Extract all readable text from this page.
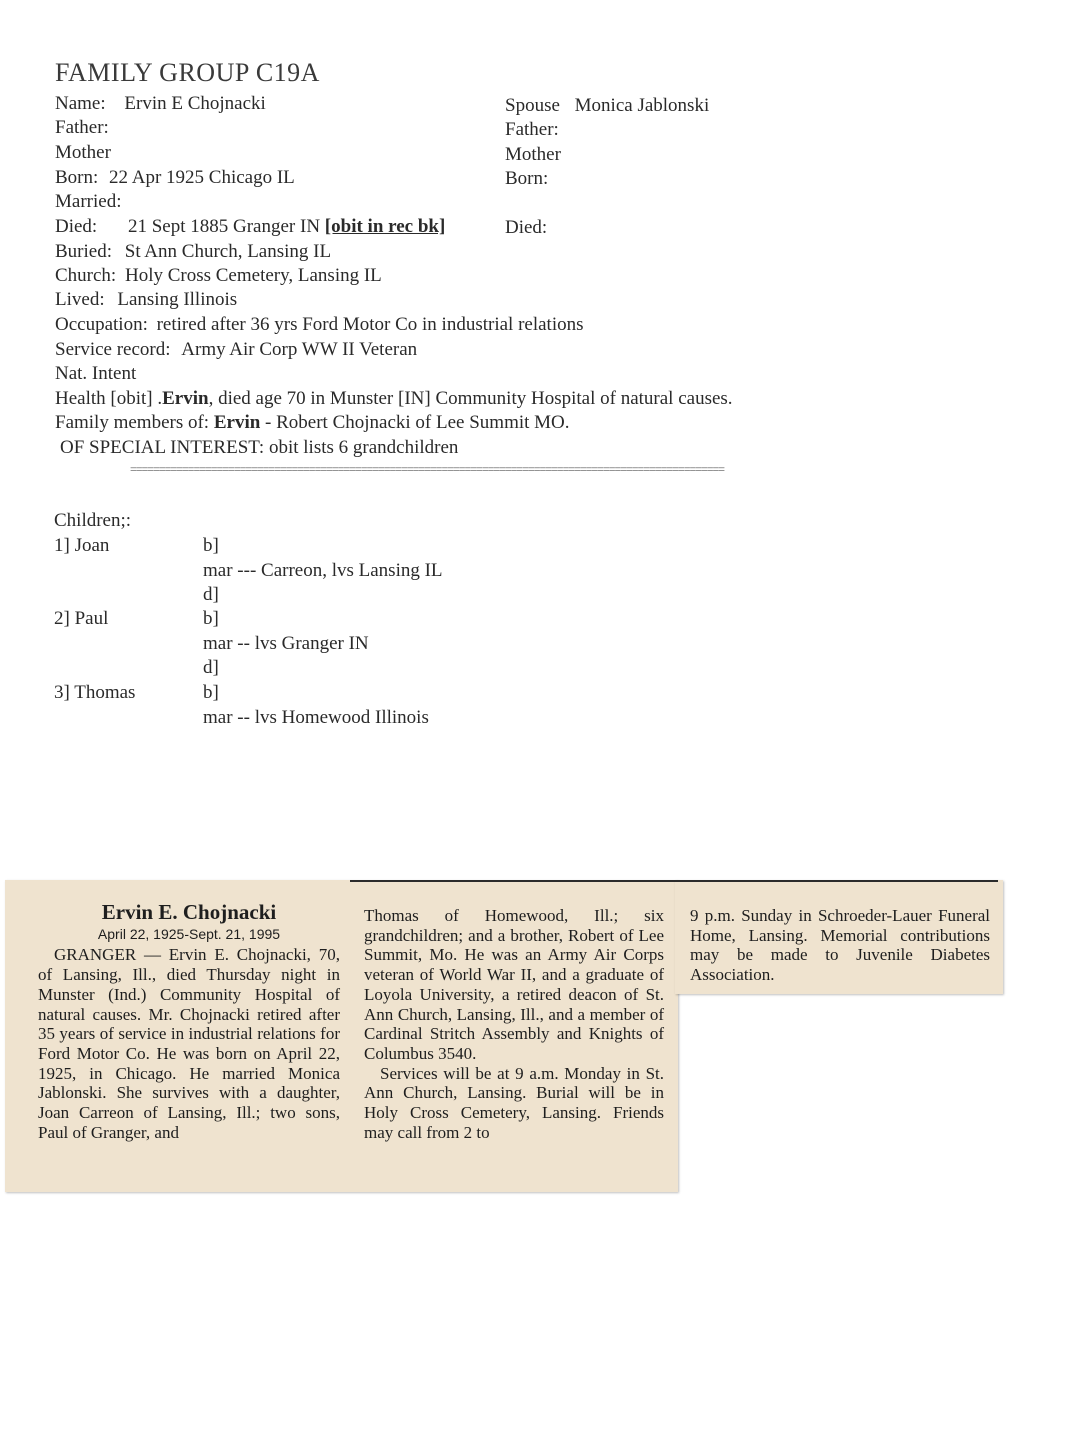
FAMILY GROUP C19A
Name: Ervin E Chojnacki
Father:
Mother
Born: 22 Apr 1925 Chicago IL
Married:
Died: 21 Sept 1885 Granger IN [obit in rec bk]
Buried: St Ann Church, Lansing IL
Church: Holy Cross Cemetery, Lansing IL
Lived: Lansing Illinois
Occupation: retired after 36 yrs Ford Motor Co in industrial relations
Service record: Army Air Corp WW II Veteran
Nat. Intent
Health [obit] .Ervin, died age 70 in Munster [IN] Community Hospital of natural causes.
Family members of: Ervin - Robert Chojnacki of Lee Summit MO.
OF SPECIAL INTEREST: obit lists 6 grandchildren
Spouse Monica Jablonski
Father:
Mother
Born:
Died:
=======================================================================================================
Children;:
1] Joan	b]
mar --- Carreon, lvs Lansing IL
d]
2] Paul	b]
mar -- lvs Granger IN
d]
3] Thomas	b]
mar -- lvs Homewood Illinois
Ervin E. Chojnacki
April 22, 1925-Sept. 21, 1995

GRANGER — Ervin E. Chojnacki, 70, of Lansing, Ill., died Thursday night in Munster (Ind.) Community Hospital of natural causes. Mr. Chojnacki retired after 35 years of service in industrial relations for Ford Motor Co. He was born on April 22, 1925, in Chicago. He married Monica Jablonski. She survives with a daughter, Joan Carreon of Lansing, Ill.; two sons, Paul of Granger, and

Thomas of Homewood, Ill.; six grandchildren; and a brother, Robert of Lee Summit, Mo. He was an Army Air Corps veteran of World War II, and a graduate of Loyola University, a retired deacon of St. Ann Church, Lansing, Ill., and a member of Cardinal Stritch Assembly and Knights of Columbus 3540.

Services will be at 9 a.m. Monday in St. Ann Church, Lansing. Burial will be in Holy Cross Cemetery, Lansing. Friends may call from 2 to

9 p.m. Sunday in Schroeder-Lauer Funeral Home, Lansing. Memorial contributions may be made to Juvenile Diabetes Association.
